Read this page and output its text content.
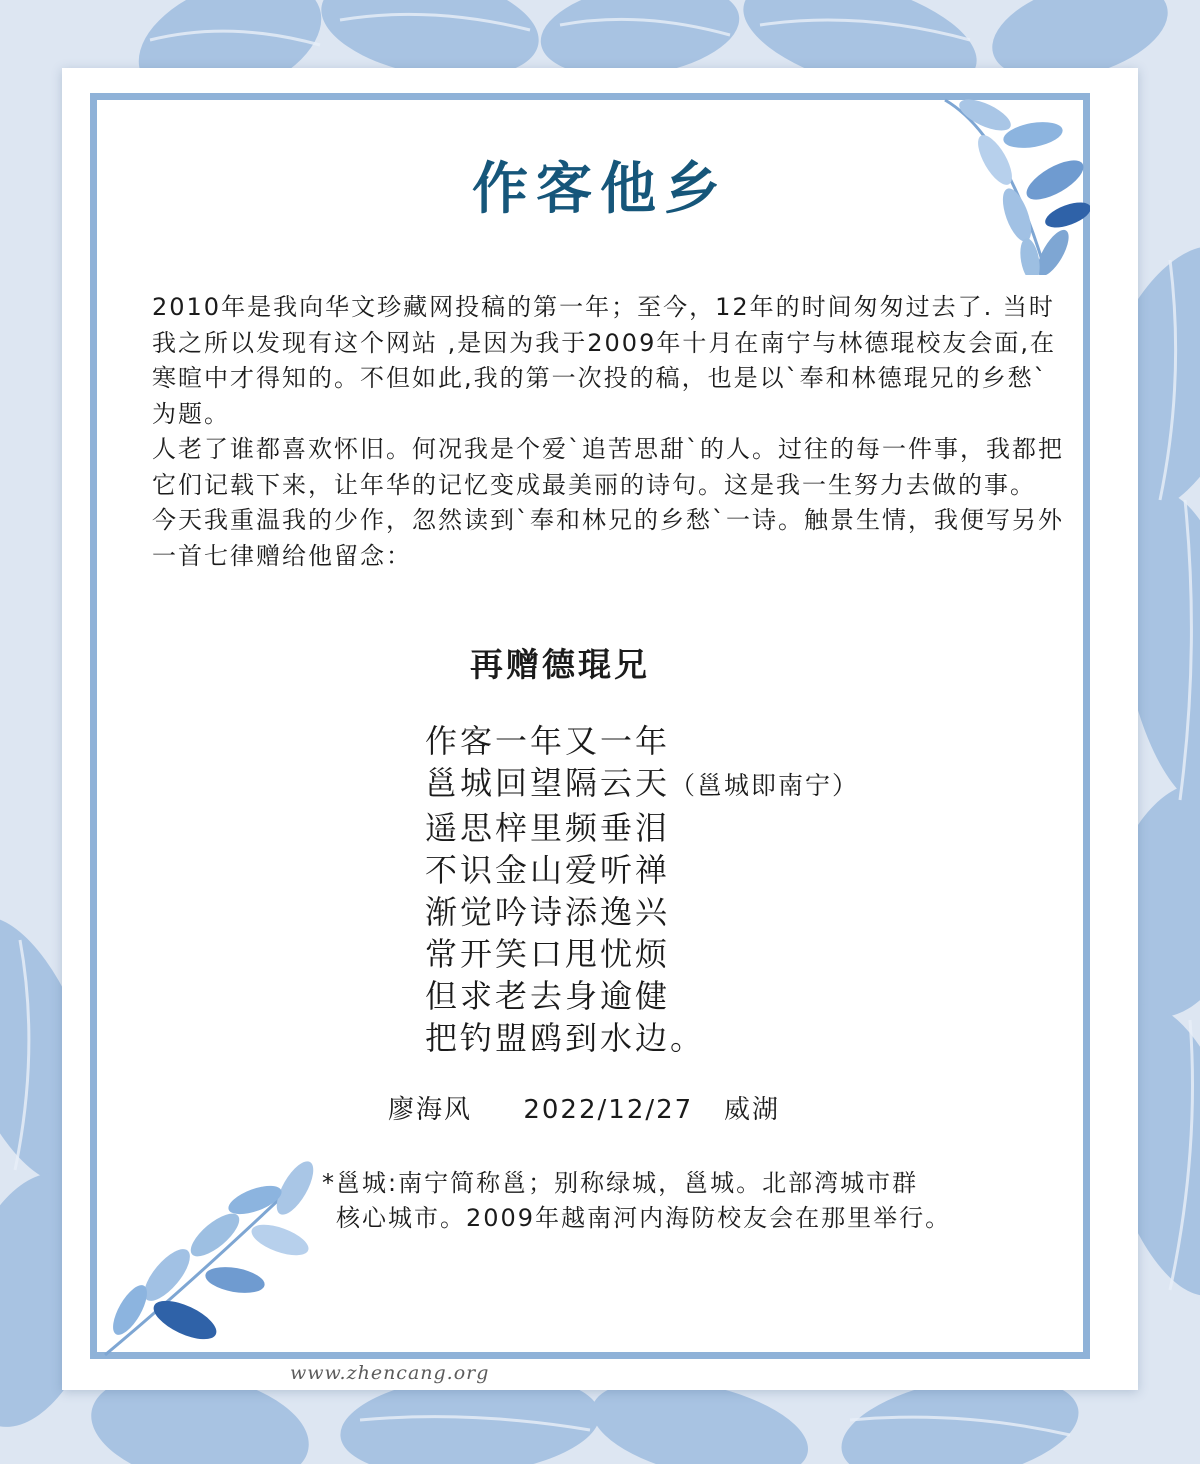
作客他乡

2010年是我向华文珍藏网投稿的第一年；至今，12年的时间匆匆过去了. 当时我之所以发现有这个网站 ,是因为我于2009年十月在南宁与林德琨校友会面,在寒暄中才得知的。不但如此,我的第一次投的稿，也是以`奉和林德琨兄的乡愁`为题。

人老了谁都喜欢怀旧。何况我是个爱`追苦思甜`的人。过往的每一件事，我都把它们记载下来，让年华的记忆变成最美丽的诗句。这是我一生努力去做的事。

今天我重温我的少作，忽然读到`奉和林兄的乡愁`一诗。触景生情，我便写另外一首七律赠给他留念：

再赠德琨兄
作客一年又一年
邕城回望隔云天（邕城即南宁）
遥思梓里频垂泪
不识金山爱听禅
渐觉吟诗添逸兴
常开笑口甩忧烦
但求老去身逾健
把钓盟鸥到水边。
廖海风 2022/12/27 威湖

*邕城:南宁简称邕；别称绿城，邕城。北部湾城市群

核心城市。2009年越南河内海防校友会在那里举行。

www.zhencang.org
